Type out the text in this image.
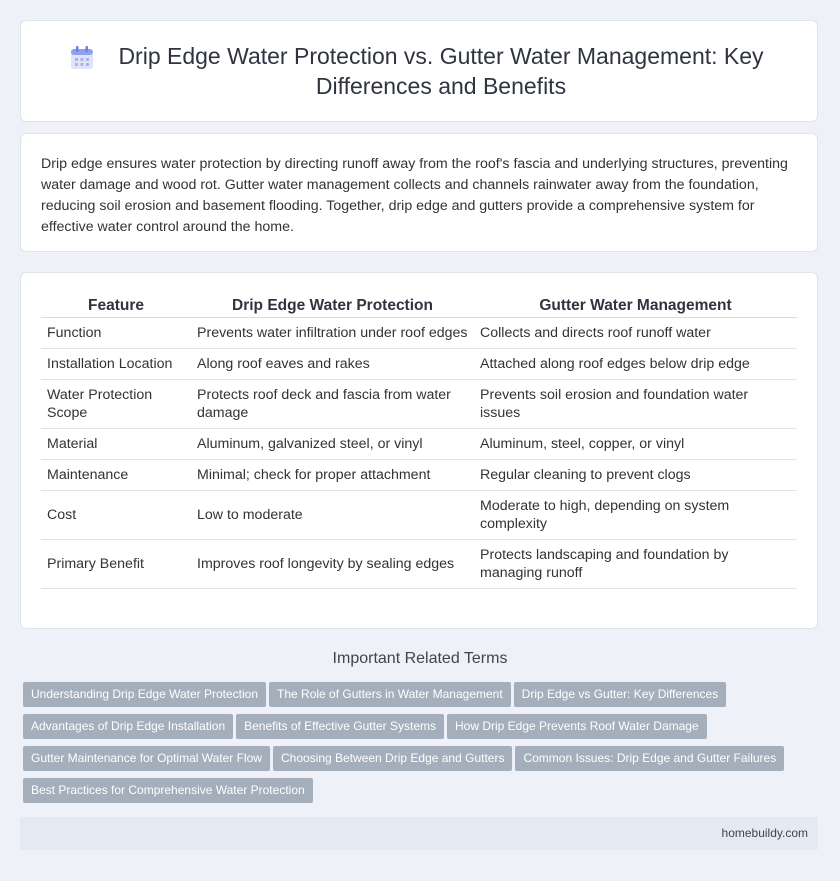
Drip Edge Water Protection vs. Gutter Water Management: Key Differences and Benefits

Drip edge ensures water protection by directing runoff away from the roof's fascia and underlying structures, preventing water damage and wood rot. Gutter water management collects and channels rainwater away from the foundation, reducing soil erosion and basement flooding. Together, drip edge and gutters provide a comprehensive system for effective water control around the home.

Feature	Drip Edge Water Protection	Gutter Water Management
Function	Prevents water infiltration under roof edges	Collects and directs roof runoff water
Installation Location	Along roof eaves and rakes	Attached along roof edges below drip edge
Water Protection Scope	Protects roof deck and fascia from water damage	Prevents soil erosion and foundation water issues
Material	Aluminum, galvanized steel, or vinyl	Aluminum, steel, copper, or vinyl
Maintenance	Minimal; check for proper attachment	Regular cleaning to prevent clogs
Cost	Low to moderate	Moderate to high, depending on system complexity
Primary Benefit	Improves roof longevity by sealing edges	Protects landscaping and foundation by managing runoff
Important Related Terms
Understanding Drip Edge Water Protection The Role of Gutters in Water Management Drip Edge vs Gutter: Key Differences
Advantages of Drip Edge Installation Benefits of Effective Gutter Systems How Drip Edge Prevents Roof Water Damage
Gutter Maintenance for Optimal Water Flow Choosing Between Drip Edge and Gutters Common Issues: Drip Edge and Gutter Failures
Best Practices for Comprehensive Water Protection
homebuildy.com
